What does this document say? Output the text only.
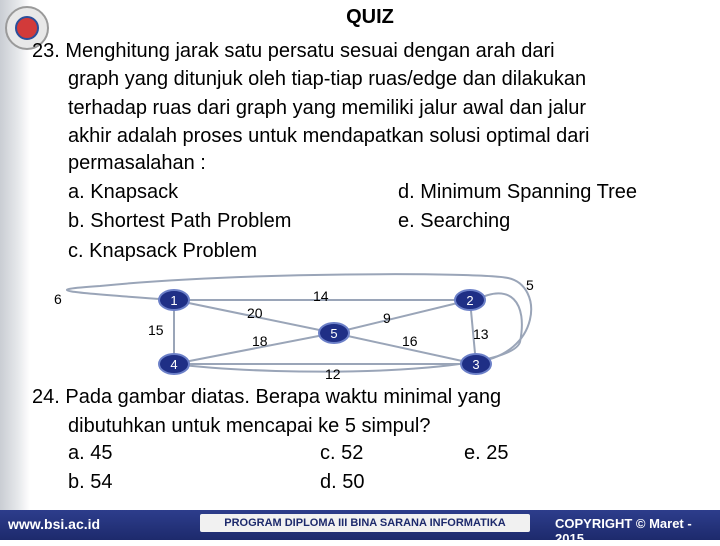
QUIZ
23. Menghitung jarak satu persatu sesuai dengan arah dari
graph yang ditunjuk oleh tiap-tiap ruas/edge dan dilakukan
terhadap ruas dari graph yang memiliki jalur awal dan jalur
akhir adalah proses untuk mendapatkan solusi optimal dari
permasalahan :
a. Knapsack	d. Minimum Spanning Tree
b. Shortest Path Problem	e. Searching
c. Knapsack Problem
14
15	13
12
20	9
18	16
6
5
1	2
3
4
5
24. Pada gambar diatas. Berapa waktu minimal yang
dibutuhkan untuk mencapai ke 5 simpul?
a. 45	c. 52	e. 25
b. 54	d. 50
www.bsi.ac.id	PROGRAM DIPLOMA III BINA SARANA INFORMATIKA	COPYRIGHT © Maret - 2015
